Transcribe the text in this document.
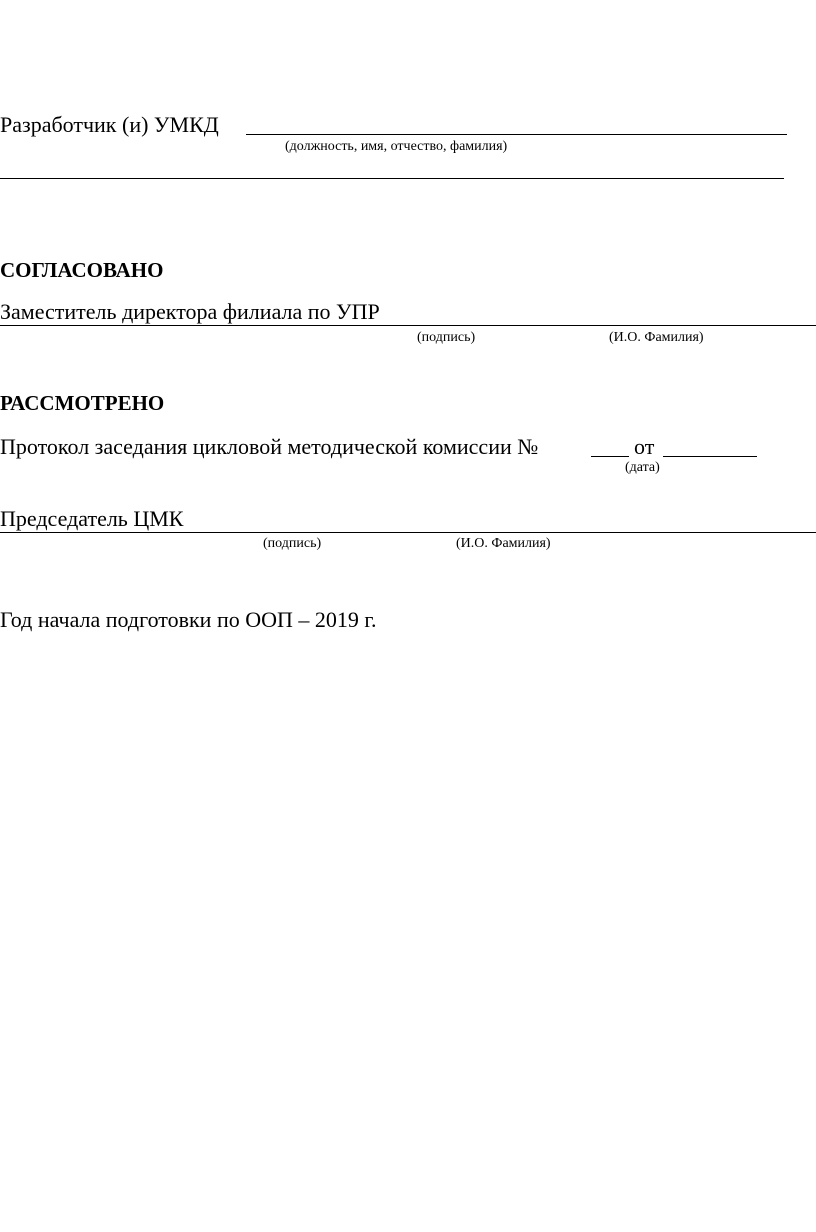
Разработчик (и) УМКД
(должность, имя, отчество, фамилия)
СОГЛАСОВАНО
Заместитель директора филиала по УПР
(подпись)	(И.О. Фамилия)
РАССМОТРЕНО
Протокол заседания цикловой методической комиссии №	от
(дата)
Председатель ЦМК
(подпись)	(И.О. Фамилия)
Год начала подготовки по ООП – 2019 г.
